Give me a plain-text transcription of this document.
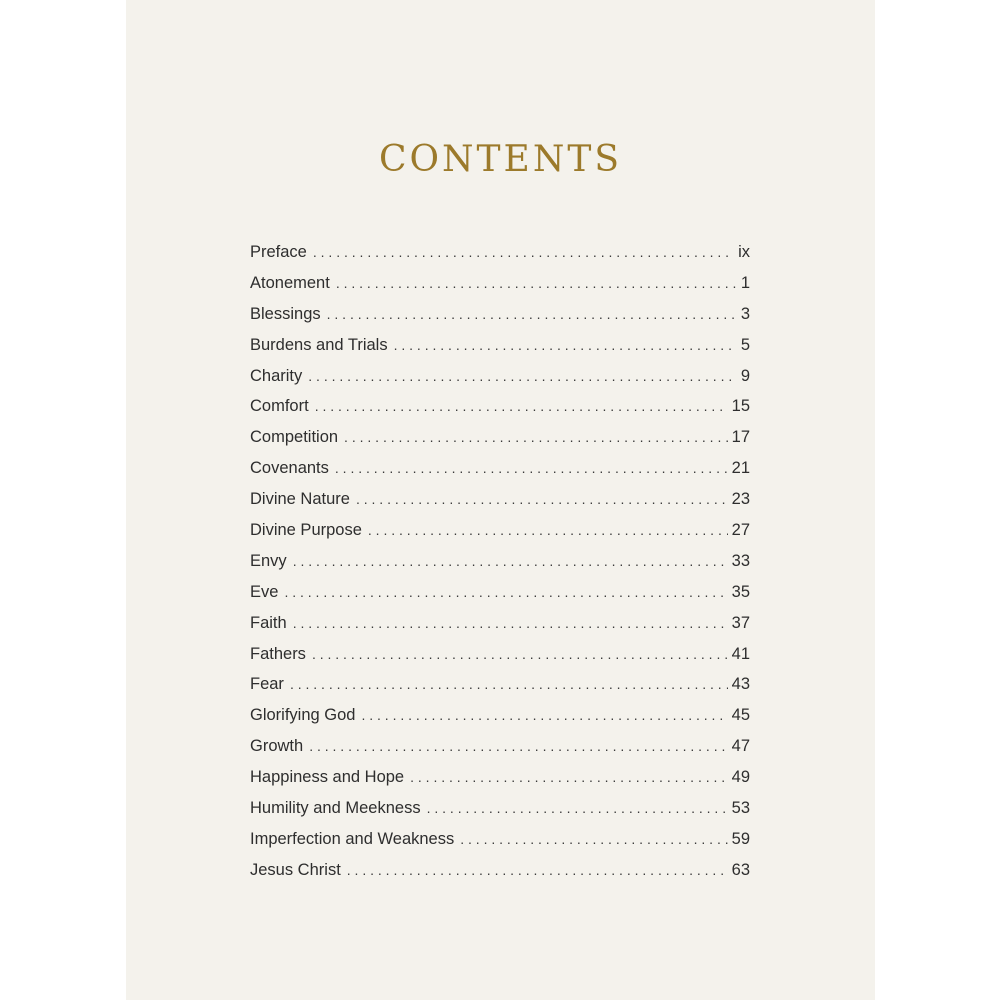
CONTENTS
Preface . . .	ix
Atonement . . .	1
Blessings . . .	3
Burdens and Trials . . .	5
Charity . . .	9
Comfort . . .	15
Competition . . .	17
Covenants . . .	21
Divine Nature . . .	23
Divine Purpose . . .	27
Envy . . .	33
Eve . . .	35
Faith . . .	37
Fathers . . .	41
Fear . . .	43
Glorifying God . . .	45
Growth . . .	47
Happiness and Hope . . .	49
Humility and Meekness . . .	53
Imperfection and Weakness . . .	59
Jesus Christ . . .	63
